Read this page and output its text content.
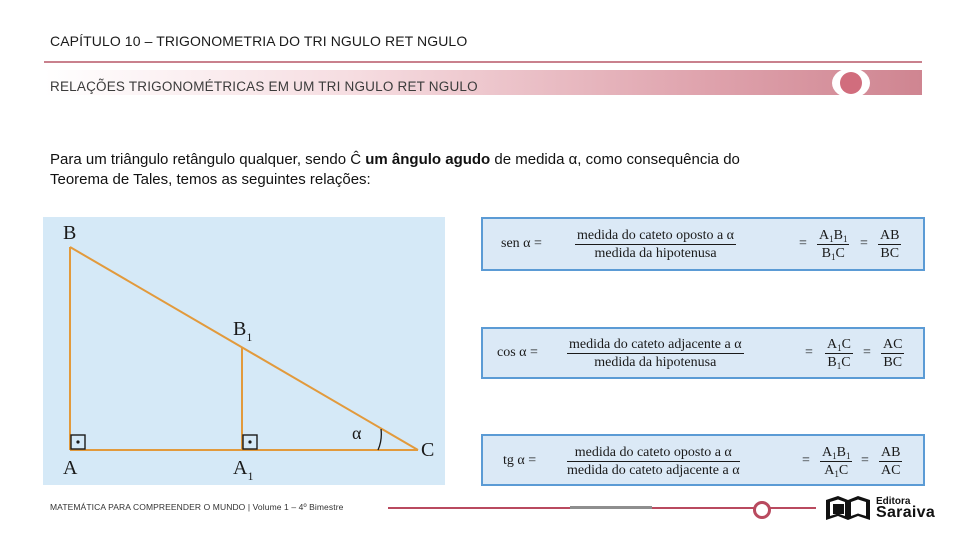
CAPÍTULO 10 – TRIGONOMETRIA DO TRI NGULO RET NGULO
RELAÇÕES TRIGONOMÉTRICAS EM UM TRI NGULO RET NGULO
Para um triângulo retângulo qualquer, sendo Ĉ um ângulo agudo de medida α, como consequência do Teorema de Tales, temos as seguintes relações:
B
$B_1$
A	$A_1$
C
α
sen α =
medida do cateto oposto a α
medida da hipotenusa
=
$A_1B_1$
$B_1C$
=
AB
BC
cos α =
medida do cateto adjacente a α
medida da hipotenusa
=
$A_1C$
$B_1C$
=
AC
BC
tg α =
medida do cateto oposto a α
medida do cateto adjacente a α
=
$A_1B_1$
$A_1C$
=
AB
AC
MATEMÁTICA PARA COMPREENDER O MUNDO | Volume 1 – 4º Bimestre	Editora
Saraiva
